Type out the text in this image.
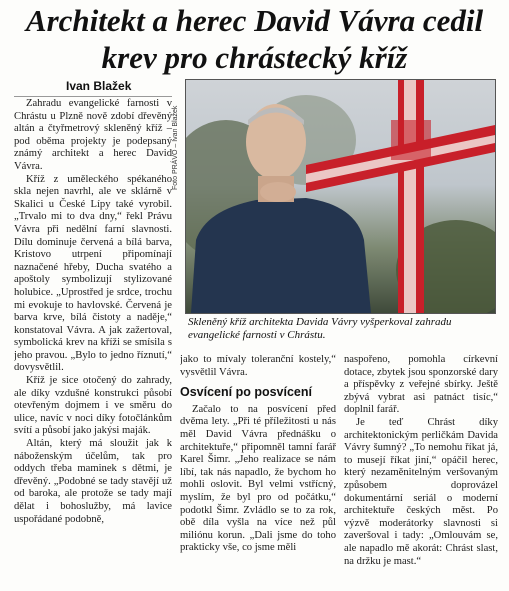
Architekt a herec David Vávra cedil krev pro chrástecký kříž
Ivan Blažek

Zahradu evangelické farnosti v Chrástu u Plzně nově zdobí dřevěný altán a čtyřmetrový skleněný kříž – pod oběma projekty je podepsaný známý architekt a herec David Vávra.

Kříž z uměleckého spékaného skla nejen navrhl, ale ve sklárně v Skalici u České Lípy také vyrobil. „Trvalo mi to dva dny,“ řekl Právu Vávra při nedělní farní slavnosti. Dílu dominuje červená a bílá barva, Kristovo utrpení připomínají naznačené hřeby, Ducha svatého a apoštoly symbolizují stylizované holubice. „Uprostřed je srdce, trochu mi evokuje to havlovské. Červená je barva krve, bílá čistoty a naděje,“ konstatoval Vávra. A jak zažertoval, symbolická krev na kříži se smísila s jeho pravou. „Bylo to jedno říznutí,“ dovysvětlil.

Kříž je sice otočený do zahrady, ale díky vzdušné konstrukci působí otevřeným dojmem i ve směru do ulice, navíc v noci díky fotočlánkům svítí a působí jako jakýsi maják.

Altán, který má sloužit jak k náboženským účelům, tak pro oddych třeba maminek s dětmi, je dřevěný. „Podobné se tady stavějí už od baroka, ale protože se tady mají dělat i bohoslužby, má lavice uspořádané podobně,

Foto PRÁVO – Ivan Blažek
Skleněný kříž architekta Davida Vávry vyšperkoval zahradu evangelické farnosti v Chrástu.

jako to mívaly toleranční kostely,“ vysvětlil Vávra.

Osvícení po posvícení

Začalo to na posvícení před dvěma lety. „Při té příležitosti u nás měl David Vávra přednášku o architektuře,“ připomněl tamní farář Karel Šimr. „Jeho realizace se nám líbí, tak nás napadlo, že bychom ho mohli oslovit. Byl velmi vstřícný, myslím, že byl pro od počátku,“ podotkl Šimr. Zvládlo se to za rok, obě díla vyšla na více než půl miliónu korun. „Dali jsme do toho prakticky vše, co jsme měli

naspořeno, pomohla církevní dotace, zbytek jsou sponzorské dary a příspěvky z veřejné sbírky. Ještě zbývá vybrat asi patnáct tisíc,“ doplnil farář.

Je teď Chrást díky architektonickým perličkám Davida Vávry šumný? „To nemohu říkat já, to musejí říkat jiní,“ opáčil herec, který nezaměnitelným veršovaným způsobem doprovázel dokumentární seriál o moderní architektuře českých měst. Po výzvě moderátorky slavnosti si zaveršoval i tady: „Omlouvám se, ale napadlo mě akorát: Chrást slast, na držku je mast.“
